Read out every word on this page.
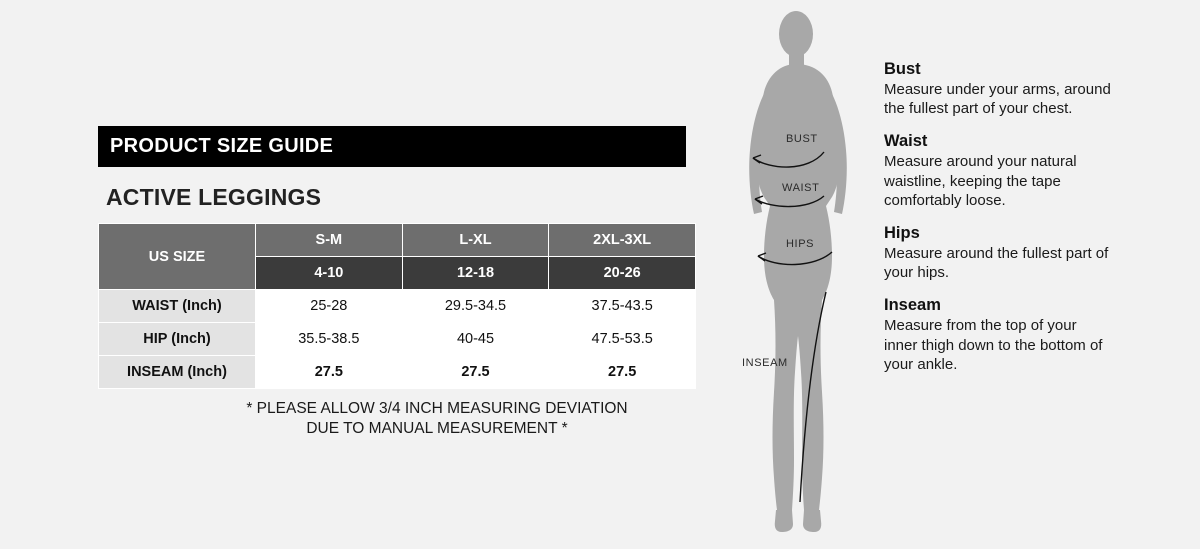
PRODUCT SIZE GUIDE
ACTIVE LEGGINGS
US SIZE	S-M	L-XL	2XL-3XL
	4-10	12-18	20-26
WAIST (Inch)	25-28	29.5-34.5	37.5-43.5
HIP (Inch)	35.5-38.5	40-45	47.5-53.5
INSEAM (Inch)	27.5	27.5	27.5
* PLEASE ALLOW 3/4 INCH MEASURING DEVIATION
DUE TO MANUAL MEASUREMENT *
BUST
WAIST
HIPS
INSEAM
Bust
Measure under your arms, around the fullest part of your chest.
Waist
Measure around your natural waistline, keeping the tape comfortably loose.
Hips
Measure around the fullest part of your hips.
Inseam
Measure from the top of your inner thigh down to the bottom of your ankle.
